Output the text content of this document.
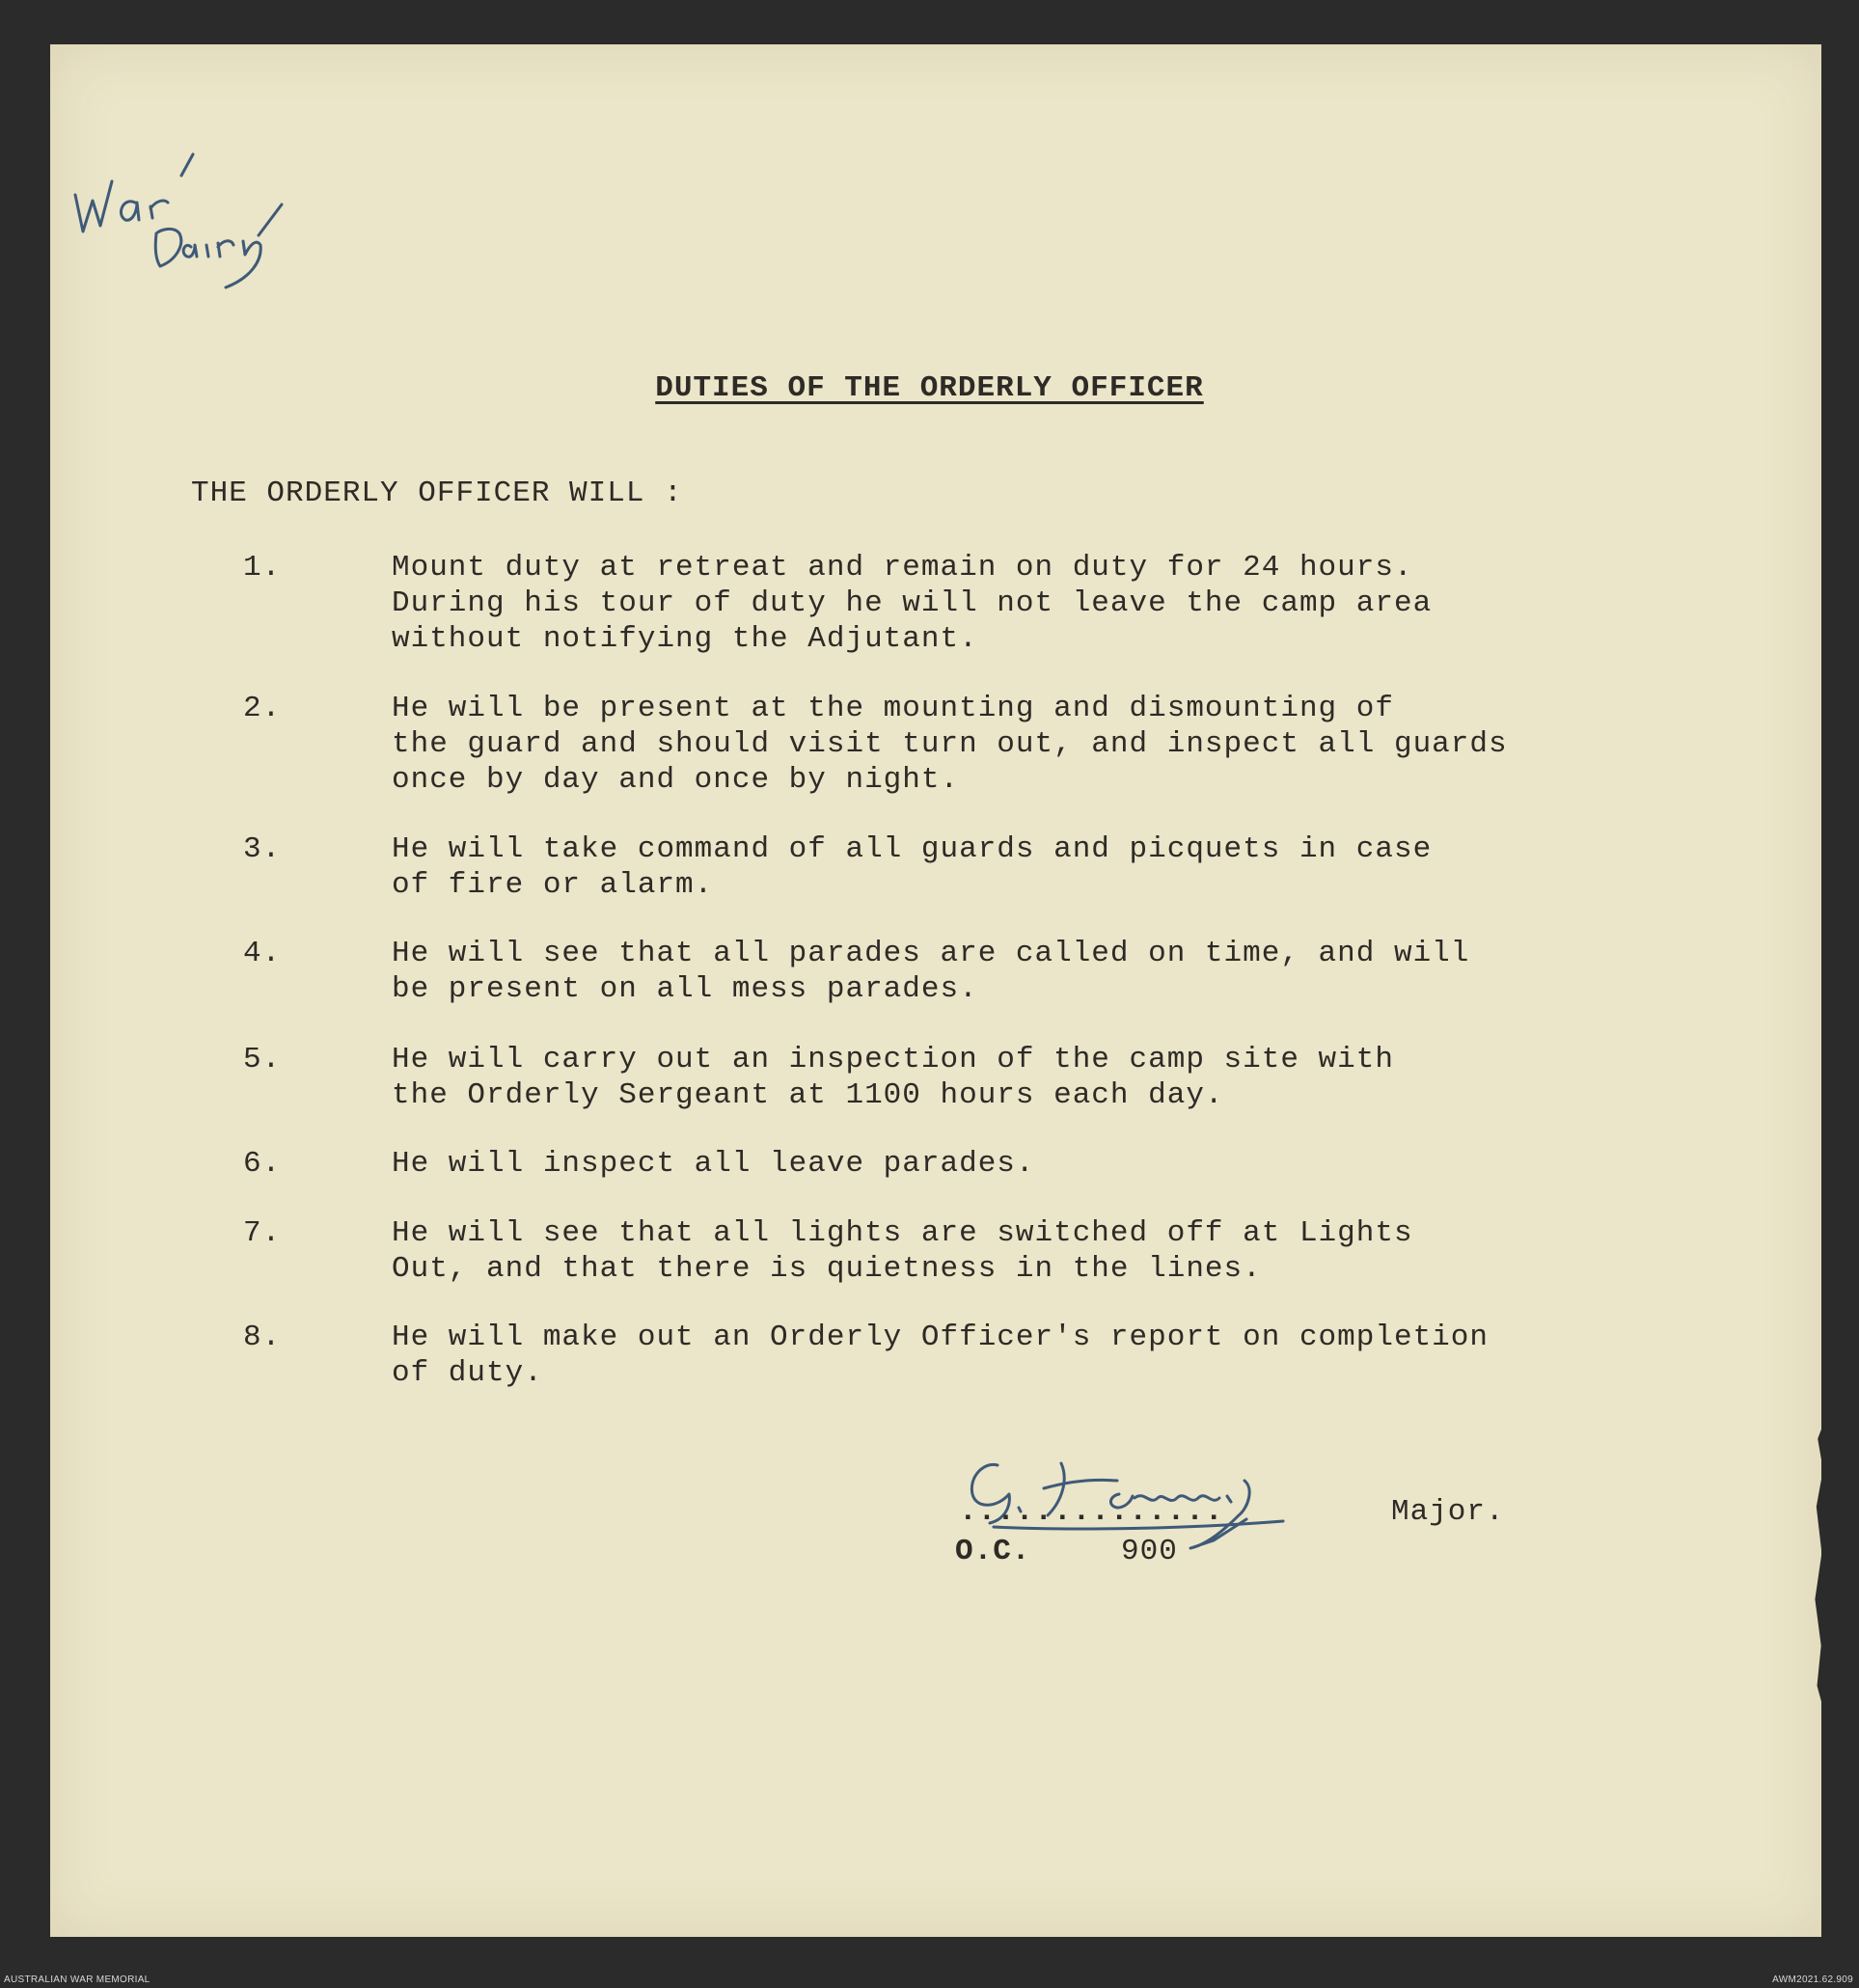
DUTIES OF THE ORDERLY OFFICER

THE ORDERLY OFFICER WILL :

1.	Mount duty at retreat and remain on duty for 24 hours.
During his tour of duty he will not leave the camp area
without notifying the Adjutant.

2.	He will be present at the mounting and dismounting of
the guard and should visit turn out, and inspect all guards
once by day and once by night.

3.	He will take command of all guards and picquets in case
of fire or alarm.

4.	He will see that all parades are called on time, and will
be present on all mess parades.

5.	He will carry out an inspection of the camp site with
the Orderly Sergeant at 1100 hours each day.

6.	He will inspect all leave parades.

7.	He will see that all lights are switched off at Lights
Out, and that there is quietness in the lines.

8.	He will make out an Orderly Officer's report on completion
of duty.

..............	Major.
O.C.	900
AUSTRALIAN WAR MEMORIAL	AWM2021.62.909
